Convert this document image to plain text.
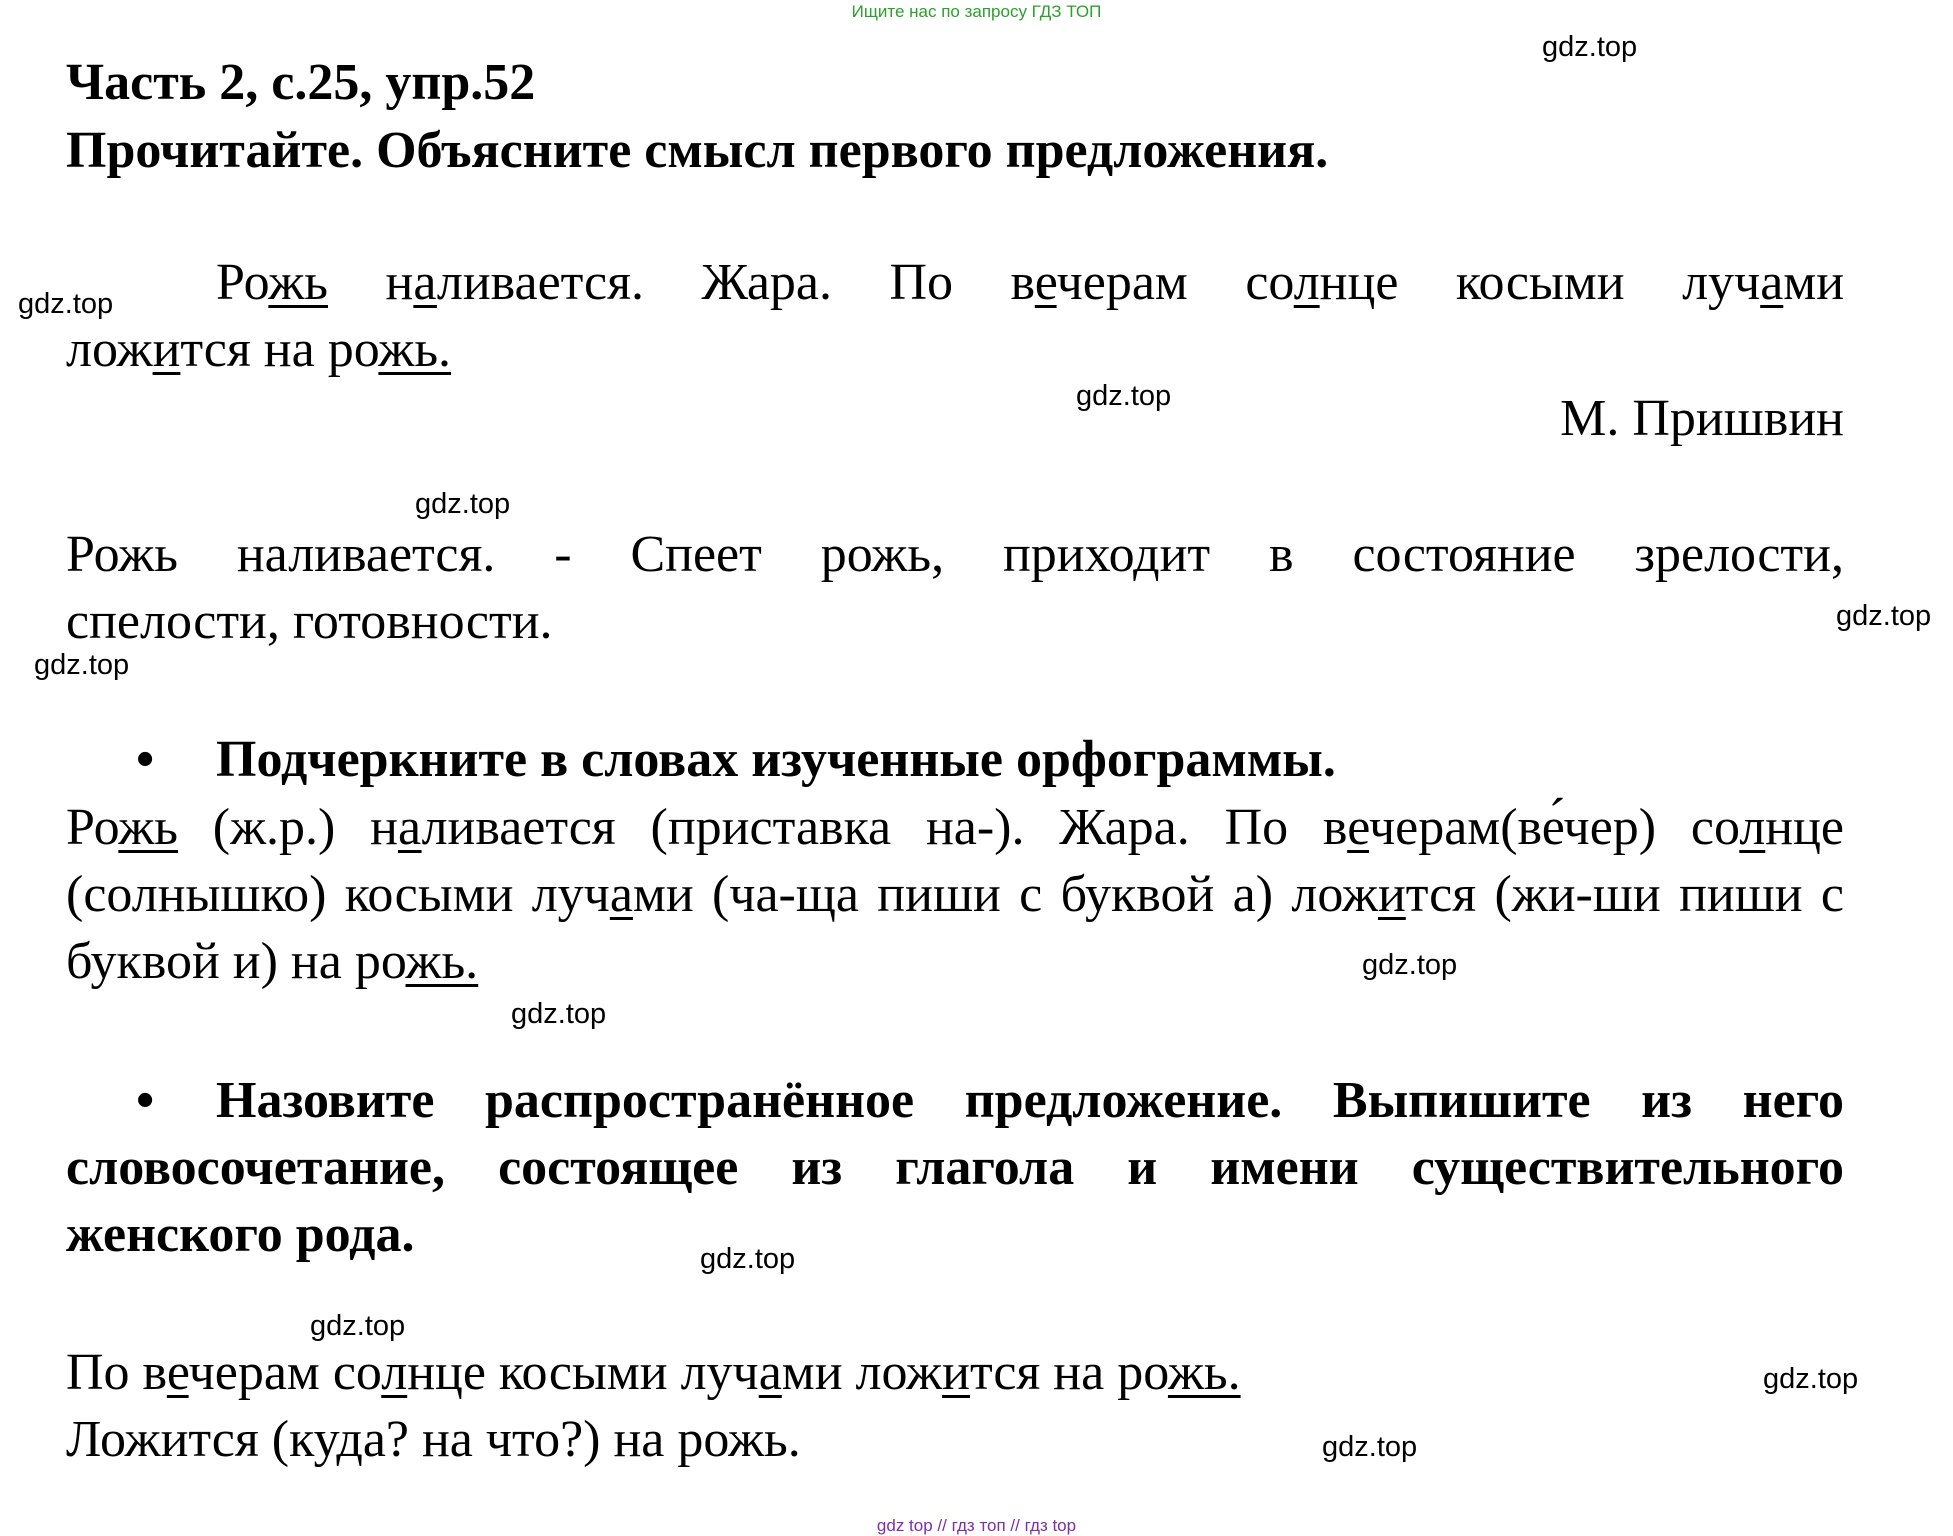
Ищите нас по запросу ГДЗ ТОП
gdz.top
gdz.top
gdz.top
gdz.top
gdz.top
gdz.top
gdz.top
gdz.top
gdz.top
gdz.top
gdz.top
gdz.top
Часть 2, с.25, упр.52
Прочитайте. Объясните смысл первого предложения.
Рожь наливается. Жара. По вечерам солнце косыми лучами
ложится на рожь.
М. Пришвин
Рожь наливается. - Спеет рожь, приходит в состояние зрелости,
спелости, готовности.
• Подчеркните в словах изученные орфограммы.
Рожь (ж.р.) наливается (приставка на-). Жара. По вечерам(ве́чер) солнце (солнышко) косыми лучами (ча-ща пиши с буквой а) ложится (жи-ши пиши с буквой и) на рожь.
• Назовите распространённое предложение. Выпишите из него
словосочетание, состоящее из глагола и имени существительного
женского рода.
По вечерам солнце косыми лучами ложится на рожь.
Ложится (куда? на что?) на рожь.
gdz top // гдз топ // гдз top
